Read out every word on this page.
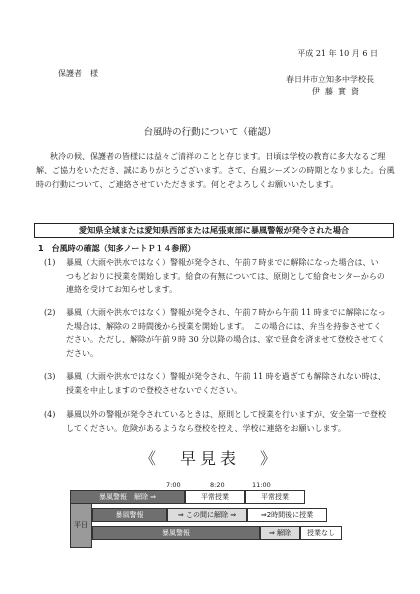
平成 21 年 10 月 6 日
保護者　様
春日井市立知多中学校長
伊藤實資
台風時の行動について（確認）
秋冷の候、保護者の皆様には益々ご清祥のことと存じます。日頃は学校の教育に多大なるご理解、ご協力をいただき、誠にありがとうございます。さて、台風シーズンの時期となりました。台風時の行動について、ご連絡させていただきます。何とぞよろしくお願いいたします。
愛知県全域または愛知県西部または尾張東部に暴風警報が発令された場合
1　台風時の確認（知多ノートＰ１４参照）
(1)	暴風（大雨や洪水ではなく）警報が発令され、午前７時までに解除になった場合は、いつもどおりに授業を開始します。給食の有無については、原則として給食センターからの連絡を受けてお知らせします。
(2)	暴風（大雨や洪水ではなく）警報が発令され、午前７時から午前 11 時までに解除になった場合は、解除の２時間後から授業を開始します。　この場合には、弁当を持参させてください。ただし、解除が午前９時 30 分以降の場合は、家で昼食を済ませて登校させてください。
(3)	暴風（大雨や洪水ではなく）警報が発令され、午前 11 時を過ぎても解除されない時は、授業を中止しますので登校させないでください。
(4)	暴風以外の警報が発令されているときは、原則として授業を行いますが、安全第一で登校してください。危険があるようなら登校を控え、学校に連絡をお願いします。
《　早見表　》
7:00	8:20	11:00
平日
暴風警報　解除 ⇒	平常授業	平常授業
暴風警報	⇒ この間に解除 ⇒	⇒2時間後に授業
暴風警報	⇒ 解除	授業なし
